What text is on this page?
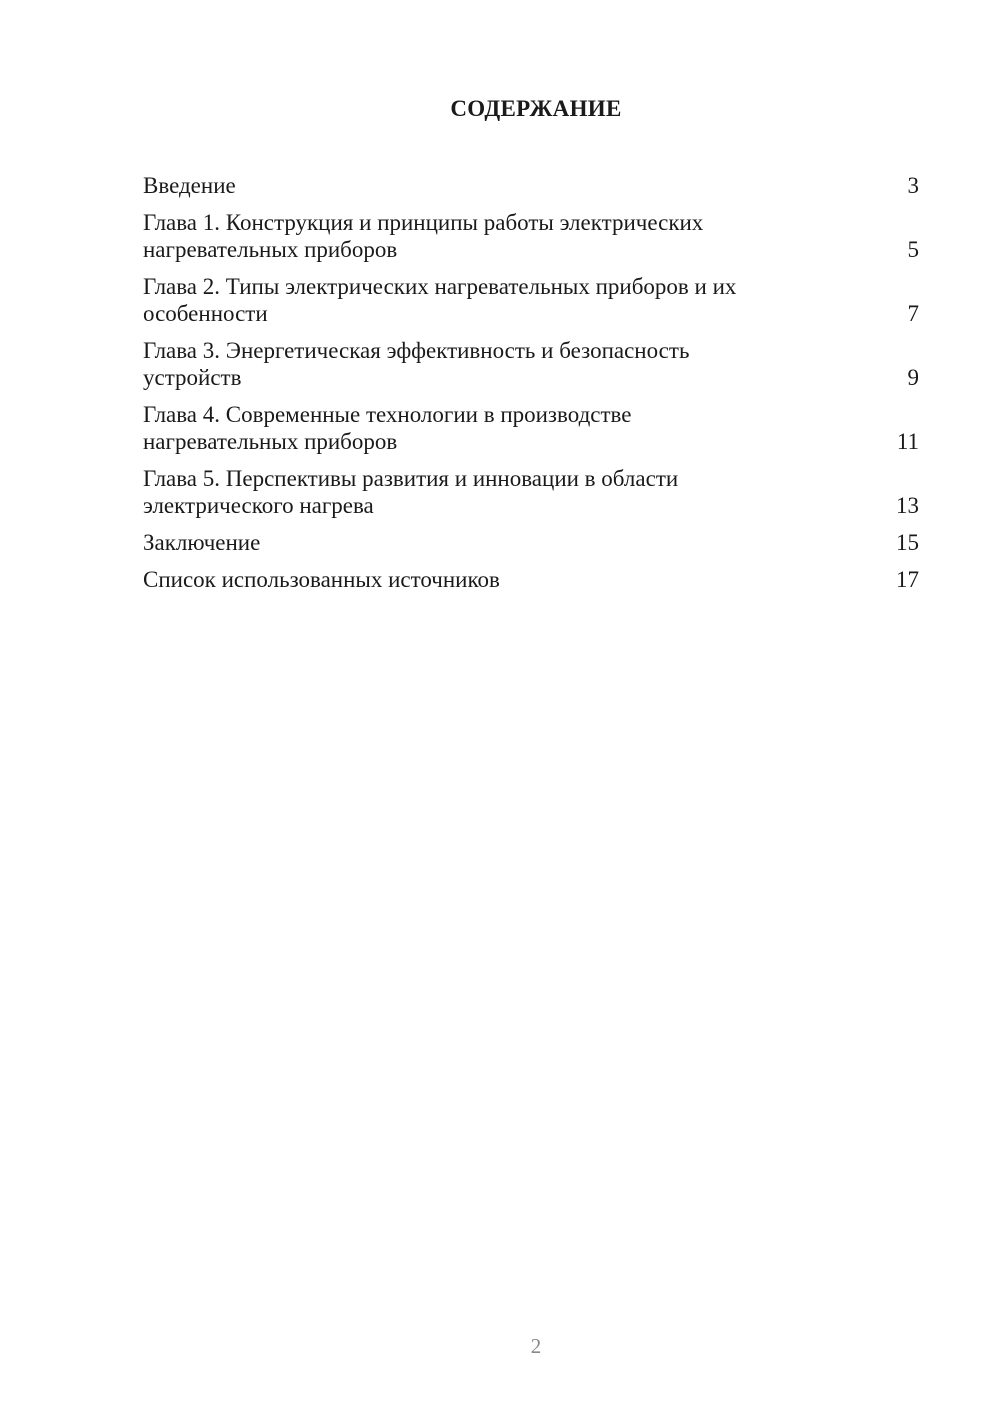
СОДЕРЖАНИЕ
Введение	3
Глава 1. Конструкция и принципы работы электрических
нагревательных приборов	5
Глава 2. Типы электрических нагревательных приборов и их
особенности	7
Глава 3. Энергетическая эффективность и безопасность
устройств	9
Глава 4. Современные технологии в производстве
нагревательных приборов	11
Глава 5. Перспективы развития и инновации в области
электрического нагрева	13
Заключение	15
Список использованных источников	17
2
